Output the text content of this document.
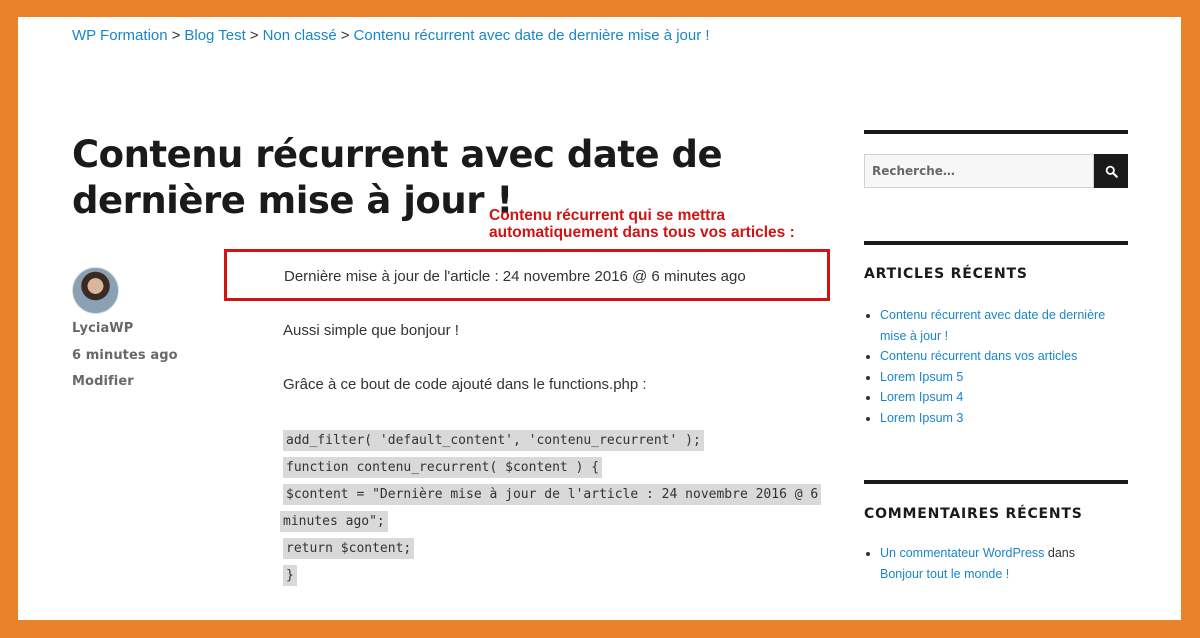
WP Formation > Blog Test > Non classé > Contenu récurrent avec date de dernière mise à jour !
Contenu récurrent avec date de dernière mise à jour !
Contenu récurrent qui se mettra
automatiquement dans tous vos articles :
LyciaWP
6 minutes ago
Modifier
Dernière mise à jour de l'article : 24 novembre 2016 @ 6 minutes ago

Aussi simple que bonjour !

Grâce à ce bout de code ajouté dans le functions.php :

add_filter( 'default_content', 'contenu_recurrent' );
function contenu_recurrent( $content ) {
$content = "Dernière mise à jour de l'article : 24 novembre 2016 @ 6
minutes ago";
return $content;
}
Recherche…
ARTICLES RÉCENTS
Contenu récurrent avec date de dernière mise à jour !
Contenu récurrent dans vos articles
Lorem Ipsum 5
Lorem Ipsum 4
Lorem Ipsum 3
COMMENTAIRES RÉCENTS
Un commentateur WordPress dans Bonjour tout le monde !
